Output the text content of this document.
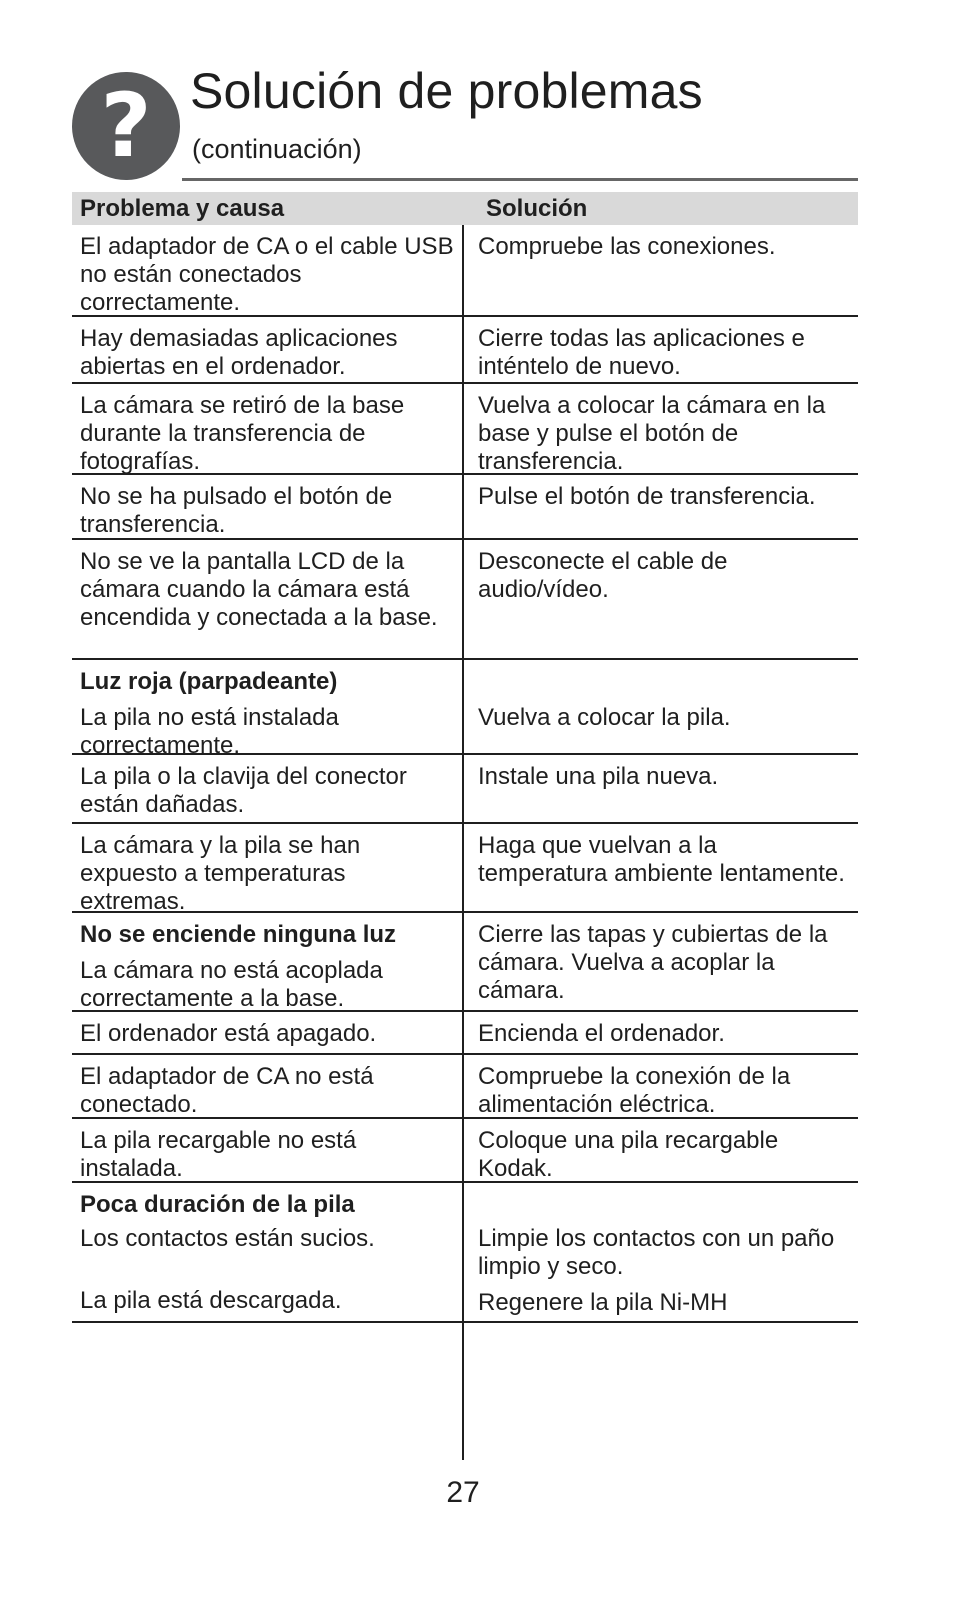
? Solución de problemas
(continuación)
Problema y causa	Solución
El adaptador de CA o el cable USB no están conectados correctamente.
Compruebe las conexiones.
Hay demasiadas aplicaciones abiertas en el ordenador.
Cierre todas las aplicaciones e inténtelo de nuevo.
La cámara se retiró de la base durante la transferencia de fotografías.
Vuelva a colocar la cámara en la base y pulse el botón de transferencia.
No se ha pulsado el botón de transferencia.
Pulse el botón de transferencia.
No se ve la pantalla LCD de la cámara cuando la cámara está encendida y conectada a la base.
Desconecte el cable de audio/vídeo.
Luz roja (parpadeante)
La pila no está instalada correctamente.
Vuelva a colocar la pila.
La pila o la clavija del conector están dañadas.
Instale una pila nueva.
La cámara y la pila se han expuesto a temperaturas extremas.
Haga que vuelvan a la temperatura ambiente lentamente.
No se enciende ninguna luz
La cámara no está acoplada correctamente a la base.
Cierre las tapas y cubiertas de la cámara. Vuelva a acoplar la cámara.
El ordenador está apagado.	Encienda el ordenador.
El adaptador de CA no está conectado.
Compruebe la conexión de la alimentación eléctrica.
La pila recargable no está instalada.
Coloque una pila recargable Kodak.
Poca duración de la pila
Los contactos están sucios.
La pila está descargada.
Limpie los contactos con un paño limpio y seco.
Regenere la pila Ni-MH
27
